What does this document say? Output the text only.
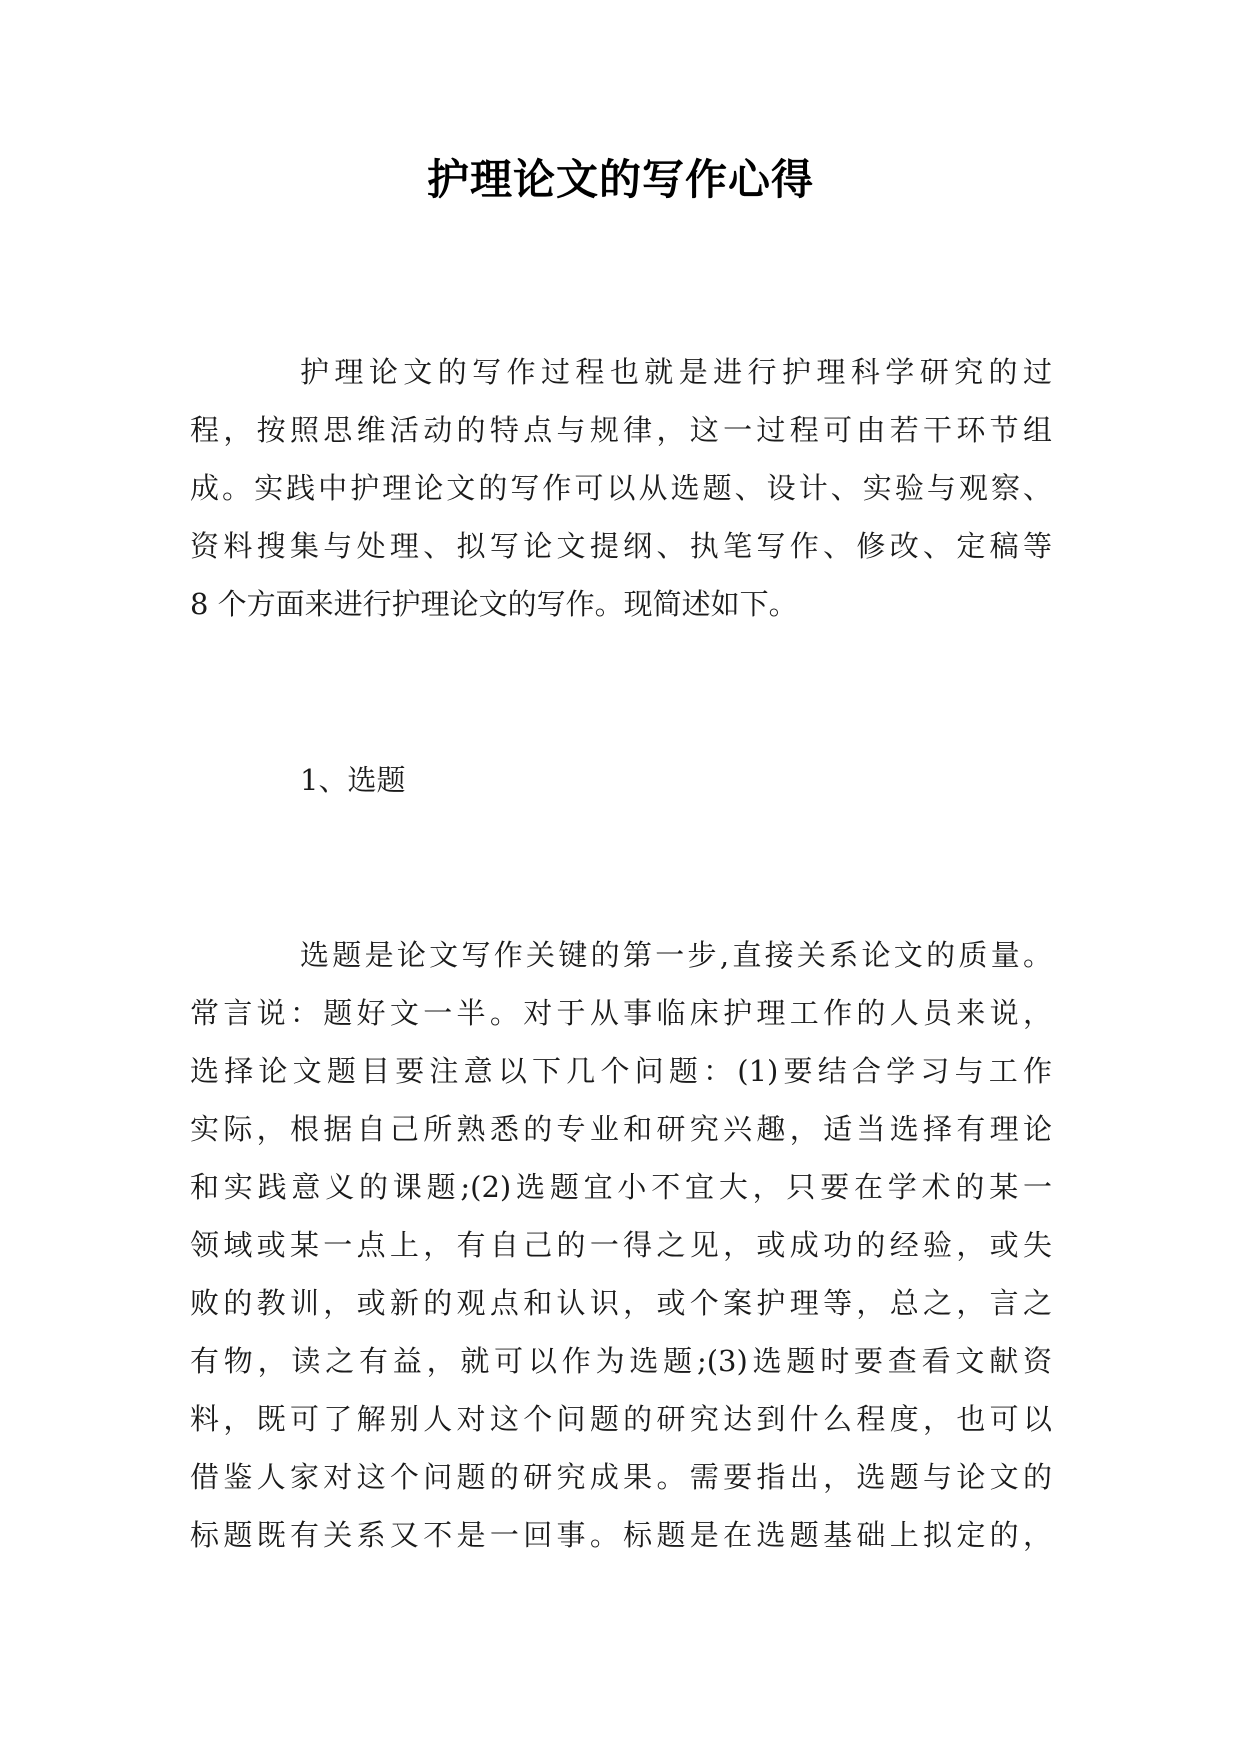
护理论文的写作心得
护理论文的写作过程也就是进行护理科学研究的过
程，按照思维活动的特点与规律，这一过程可由若干环节组
成。实践中护理论文的写作可以从选题、设计、实验与观察、
资料搜集与处理、拟写论文提纲、执笔写作、修改、定稿等
8 个方面来进行护理论文的写作。现简述如下。
1、选题
选题是论文写作关键的第一步,直接关系论文的质量。
常言说：题好文一半。对于从事临床护理工作的人员来说，
选择论文题目要注意以下几个问题：(1)要结合学习与工作
实际，根据自己所熟悉的专业和研究兴趣，适当选择有理论
和实践意义的课题;(2)选题宜小不宜大，只要在学术的某一
领域或某一点上，有自己的一得之见，或成功的经验，或失
败的教训，或新的观点和认识，或个案护理等，总之，言之
有物，读之有益，就可以作为选题;(3)选题时要查看文献资
料，既可了解别人对这个问题的研究达到什么程度，也可以
借鉴人家对这个问题的研究成果。需要指出，选题与论文的
标题既有关系又不是一回事。标题是在选题基础上拟定的，
